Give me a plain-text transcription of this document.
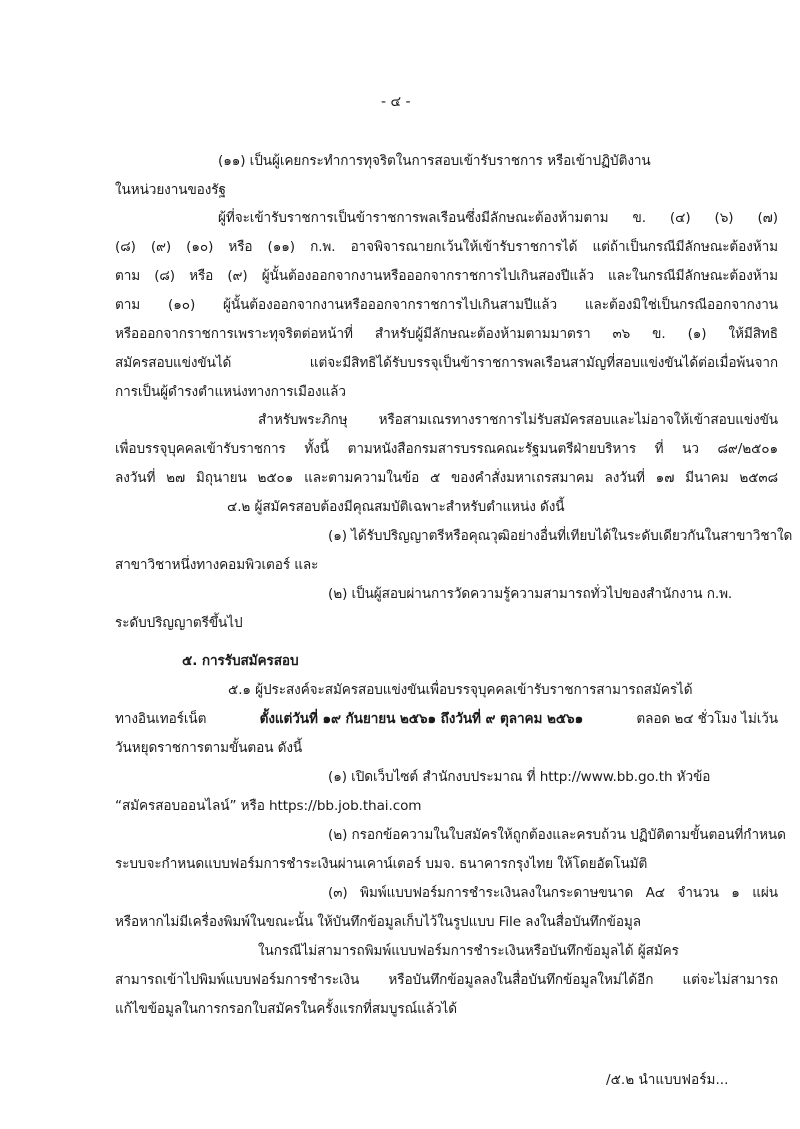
- ๔ -
(๑๑) เป็นผู้เคยกระทำการทุจริตในการสอบเข้ารับราชการ หรือเข้าปฏิบัติงาน
ในหน่วยงานของรัฐ
ผู้ที่จะเข้ารับราชการเป็นข้าราชการพลเรือนซึ่งมีลักษณะต้องห้ามตาม ข. (๔) (๖) (๗)
(๘) (๙) (๑๐) หรือ (๑๑) ก.พ. อาจพิจารณายกเว้นให้เข้ารับราชการได้ แต่ถ้าเป็นกรณีมีลักษณะต้องห้าม
ตาม (๘) หรือ (๙) ผู้นั้นต้องออกจากงานหรือออกจากราชการไปเกินสองปีแล้ว และในกรณีมีลักษณะต้องห้าม
ตาม (๑๐) ผู้นั้นต้องออกจากงานหรือออกจากราชการไปเกินสามปีแล้ว และต้องมิใช่เป็นกรณีออกจากงาน
หรือออกจากราชการเพราะทุจริตต่อหน้าที่ สำหรับผู้มีลักษณะต้องห้ามตามมาตรา ๓๖ ข. (๑) ให้มีสิทธิ
สมัครสอบแข่งขันได้ แต่จะมีสิทธิได้รับบรรจุเป็นข้าราชการพลเรือนสามัญที่สอบแข่งขันได้ต่อเมื่อพ้นจาก
การเป็นผู้ดำรงตำแหน่งทางการเมืองแล้ว
สำหรับพระภิกษุ หรือสามเณรทางราชการไม่รับสมัครสอบและไม่อาจให้เข้าสอบแข่งขัน
เพื่อบรรจุบุคคลเข้ารับราชการ ทั้งนี้ ตามหนังสือกรมสารบรรณคณะรัฐมนตรีฝ่ายบริหาร ที่ นว ๘๙/๒๕๐๑
ลงวันที่ ๒๗ มิถุนายน ๒๕๐๑ และตามความในข้อ ๕ ของคำสั่งมหาเถรสมาคม ลงวันที่ ๑๗ มีนาคม ๒๕๓๘
๔.๒ ผู้สมัครสอบต้องมีคุณสมบัติเฉพาะสำหรับตำแหน่ง ดังนี้
(๑) ได้รับปริญญาตรีหรือคุณวุฒิอย่างอื่นที่เทียบได้ในระดับเดียวกันในสาขาวิชาใด
สาขาวิชาหนึ่งทางคอมพิวเตอร์ และ
(๒) เป็นผู้สอบผ่านการวัดความรู้ความสามารถทั่วไปของสำนักงาน ก.พ.
ระดับปริญญาตรีขึ้นไป
๕. การรับสมัครสอบ
๕.๑ ผู้ประสงค์จะสมัครสอบแข่งขันเพื่อบรรจุบุคคลเข้ารับราชการสามารถสมัครได้
ทางอินเทอร์เน็ต	ตั้งแต่วันที่ ๑๙ กันยายน ๒๕๖๑ ถึงวันที่ ๙ ตุลาคม ๒๕๖๑	ตลอด ๒๔ ชั่วโมง ไม่เว้น
วันหยุดราชการตามขั้นตอน ดังนี้
(๑) เปิดเว็บไซต์ สำนักงบประมาณ ที่ http://www.bb.go.th หัวข้อ
“สมัครสอบออนไลน์” หรือ https://bb.job.thai.com
(๒) กรอกข้อความในใบสมัครให้ถูกต้องและครบถ้วน ปฏิบัติตามขั้นตอนที่กำหนด
ระบบจะกำหนดแบบฟอร์มการชำระเงินผ่านเคาน์เตอร์ บมจ. ธนาคารกรุงไทย ให้โดยอัตโนมัติ
(๓) พิมพ์แบบฟอร์มการชำระเงินลงในกระดาษขนาด A๔ จำนวน ๑ แผ่น
หรือหากไม่มีเครื่องพิมพ์ในขณะนั้น ให้บันทึกข้อมูลเก็บไว้ในรูปแบบ File ลงในสื่อบันทึกข้อมูล
ในกรณีไม่สามารถพิมพ์แบบฟอร์มการชำระเงินหรือบันทึกข้อมูลได้ ผู้สมัคร
สามารถเข้าไปพิมพ์แบบฟอร์มการชำระเงิน หรือบันทึกข้อมูลลงในสื่อบันทึกข้อมูลใหม่ได้อีก แต่จะไม่สามารถ
แก้ไขข้อมูลในการกรอกใบสมัครในครั้งแรกที่สมบูรณ์แล้วได้
/๕.๒ นำแบบฟอร์ม...
